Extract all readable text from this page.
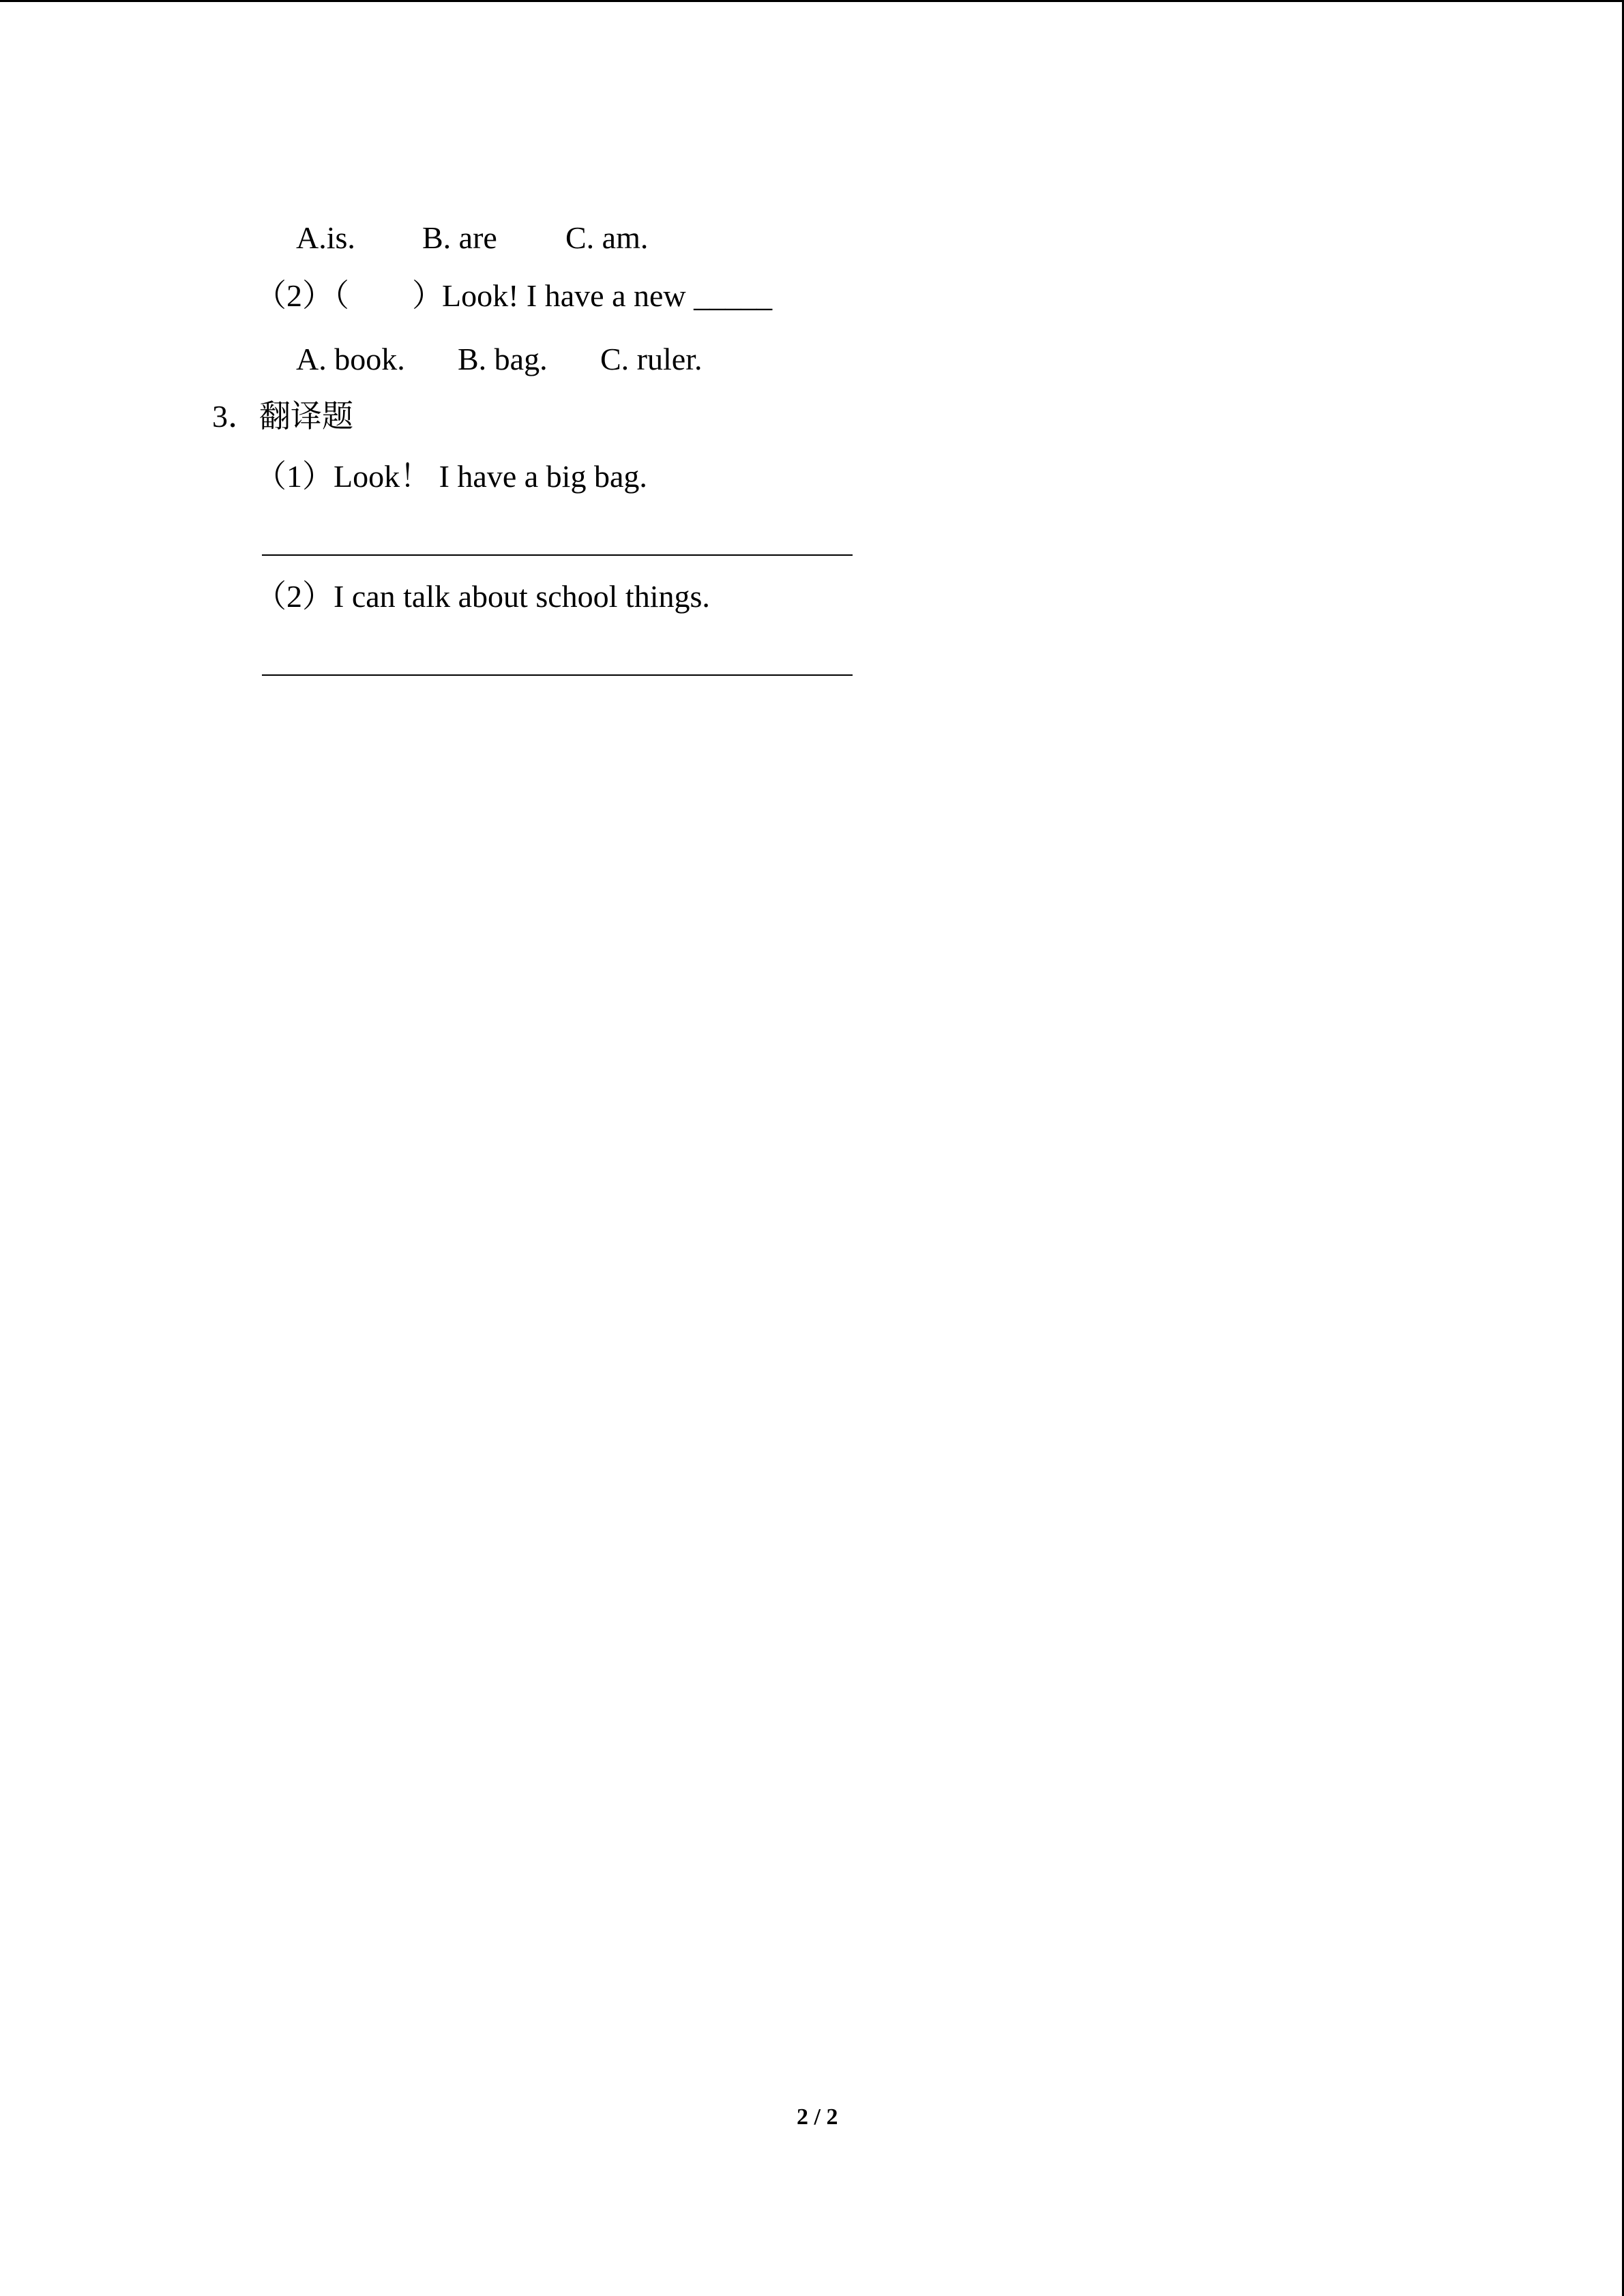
A.is. B. are C. am.
（2）（ ）
Look! I have a new _____
A. book. B. bag. C. ruler.
3．翻译题
（1）Look！ I have a big bag.
（2）I can talk about school things.
2 / 2
